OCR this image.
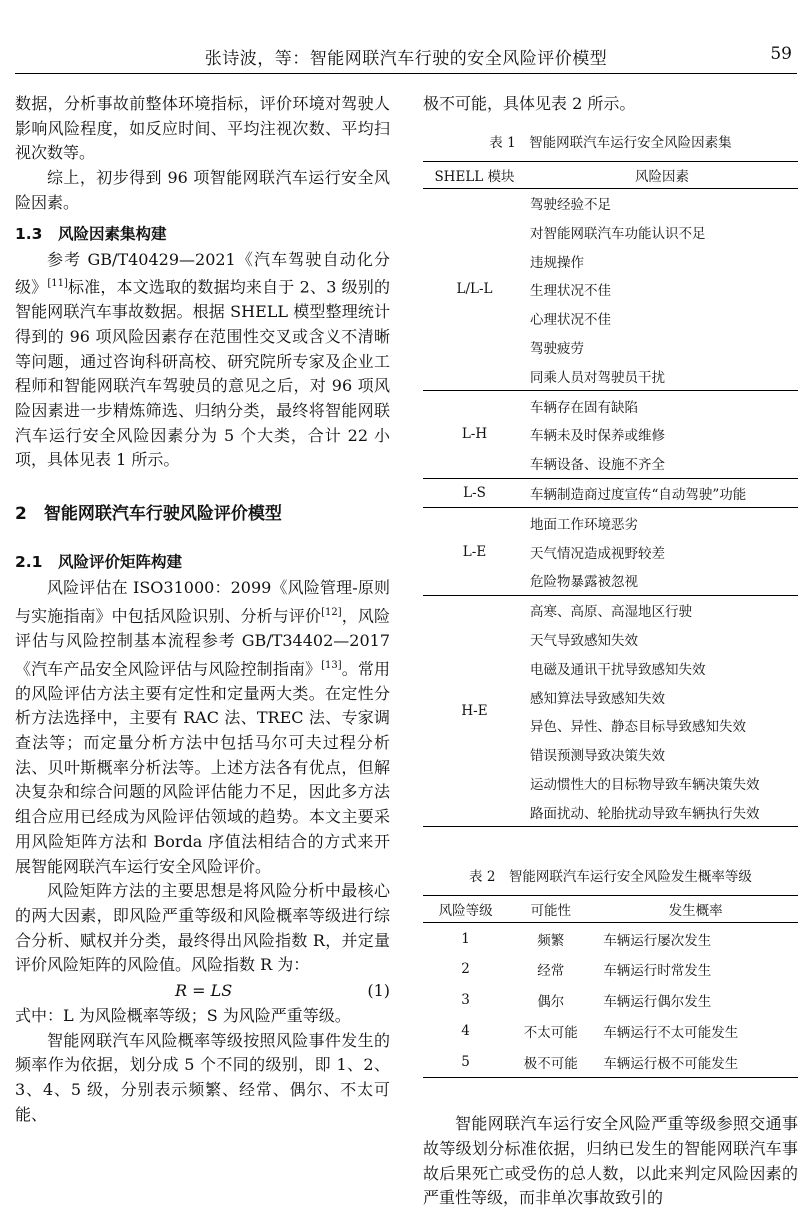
张诗波，等：智能网联汽车行驶的安全风险评价模型	59

数据，分析事故前整体环境指标，评价环境对驾驶人影响风险程度，如反应时间、平均注视次数、平均扫视次数等。

综上，初步得到 96 项智能网联汽车运行安全风险因素。

1.3　风险因素集构建

参考 GB/T40429—2021《汽车驾驶自动化分级》[11]标准，本文选取的数据均来自于 2、3 级别的智能网联汽车事故数据。根据 SHELL 模型整理统计得到的 96 项风险因素存在范围性交叉或含义不清晰等问题，通过咨询科研高校、研究院所专家及企业工程师和智能网联汽车驾驶员的意见之后，对 96 项风险因素进一步精炼筛选、归纳分类，最终将智能网联汽车运行安全风险因素分为 5 个大类，合计 22 小项，具体见表 1 所示。

2　智能网联汽车行驶风险评价模型
2.1　风险评价矩阵构建

风险评估在 ISO31000：2099《风险管理-原则与实施指南》中包括风险识别、分析与评价[12]，风险评估与风险控制基本流程参考 GB/T34402—2017《汽车产品安全风险评估与风险控制指南》[13]。常用的风险评估方法主要有定性和定量两大类。在定性分析方法选择中，主要有 RAC 法、TREC 法、专家调查法等；而定量分析方法中包括马尔可夫过程分析法、贝叶斯概率分析法等。上述方法各有优点，但解决复杂和综合问题的风险评估能力不足，因此多方法组合应用已经成为风险评估领域的趋势。本文主要采用风险矩阵方法和 Borda 序值法相结合的方式来开展智能网联汽车运行安全风险评价。

风险矩阵方法的主要思想是将风险分析中最核心的两大因素，即风险严重等级和风险概率等级进行综合分析、赋权并分类，最终得出风险指数 R，并定量评价风险矩阵的风险值。风险指数 R 为：

R = LS	(1)

式中：L 为风险概率等级；S 为风险严重等级。

智能网联汽车风险概率等级按照风险事件发生的频率作为依据，划分成 5 个不同的级别，即 1、2、3、4、5 级，分别表示频繁、经常、偶尔、不太可能、

极不可能，具体见表 2 所示。

表 1　智能网联汽车运行安全风险因素集
SHELL 模块	风险因素
L/L-L	驾驶经验不足
	对智能网联汽车功能认识不足
	违规操作
	生理状况不佳
	心理状况不佳
	驾驶疲劳
	同乘人员对驾驶员干扰
L-H	车辆存在固有缺陷
	车辆未及时保养或维修
	车辆设备、设施不齐全
L-S	车辆制造商过度宣传“自动驾驶”功能
L-E	地面工作环境恶劣
	天气情况造成视野较差
	危险物暴露被忽视
H-E	高寒、高原、高湿地区行驶
	天气导致感知失效
	电磁及通讯干扰导致感知失效
	感知算法导致感知失效
	异色、异性、静态目标导致感知失效
	错误预测导致决策失效
	运动惯性大的目标物导致车辆决策失效
	路面扰动、轮胎扰动导致车辆执行失效
表 2　智能网联汽车运行安全风险发生概率等级
风险等级	可能性	发生概率
1	频繁	车辆运行屡次发生
2	经常	车辆运行时常发生
3	偶尔	车辆运行偶尔发生
4	不太可能	车辆运行不太可能发生
5	极不可能	车辆运行极不可能发生

智能网联汽车运行安全风险严重等级参照交通事故等级划分标准依据，归纳已发生的智能网联汽车事故后果死亡或受伤的总人数，以此来判定风险因素的严重性等级，而非单次事故致引的
